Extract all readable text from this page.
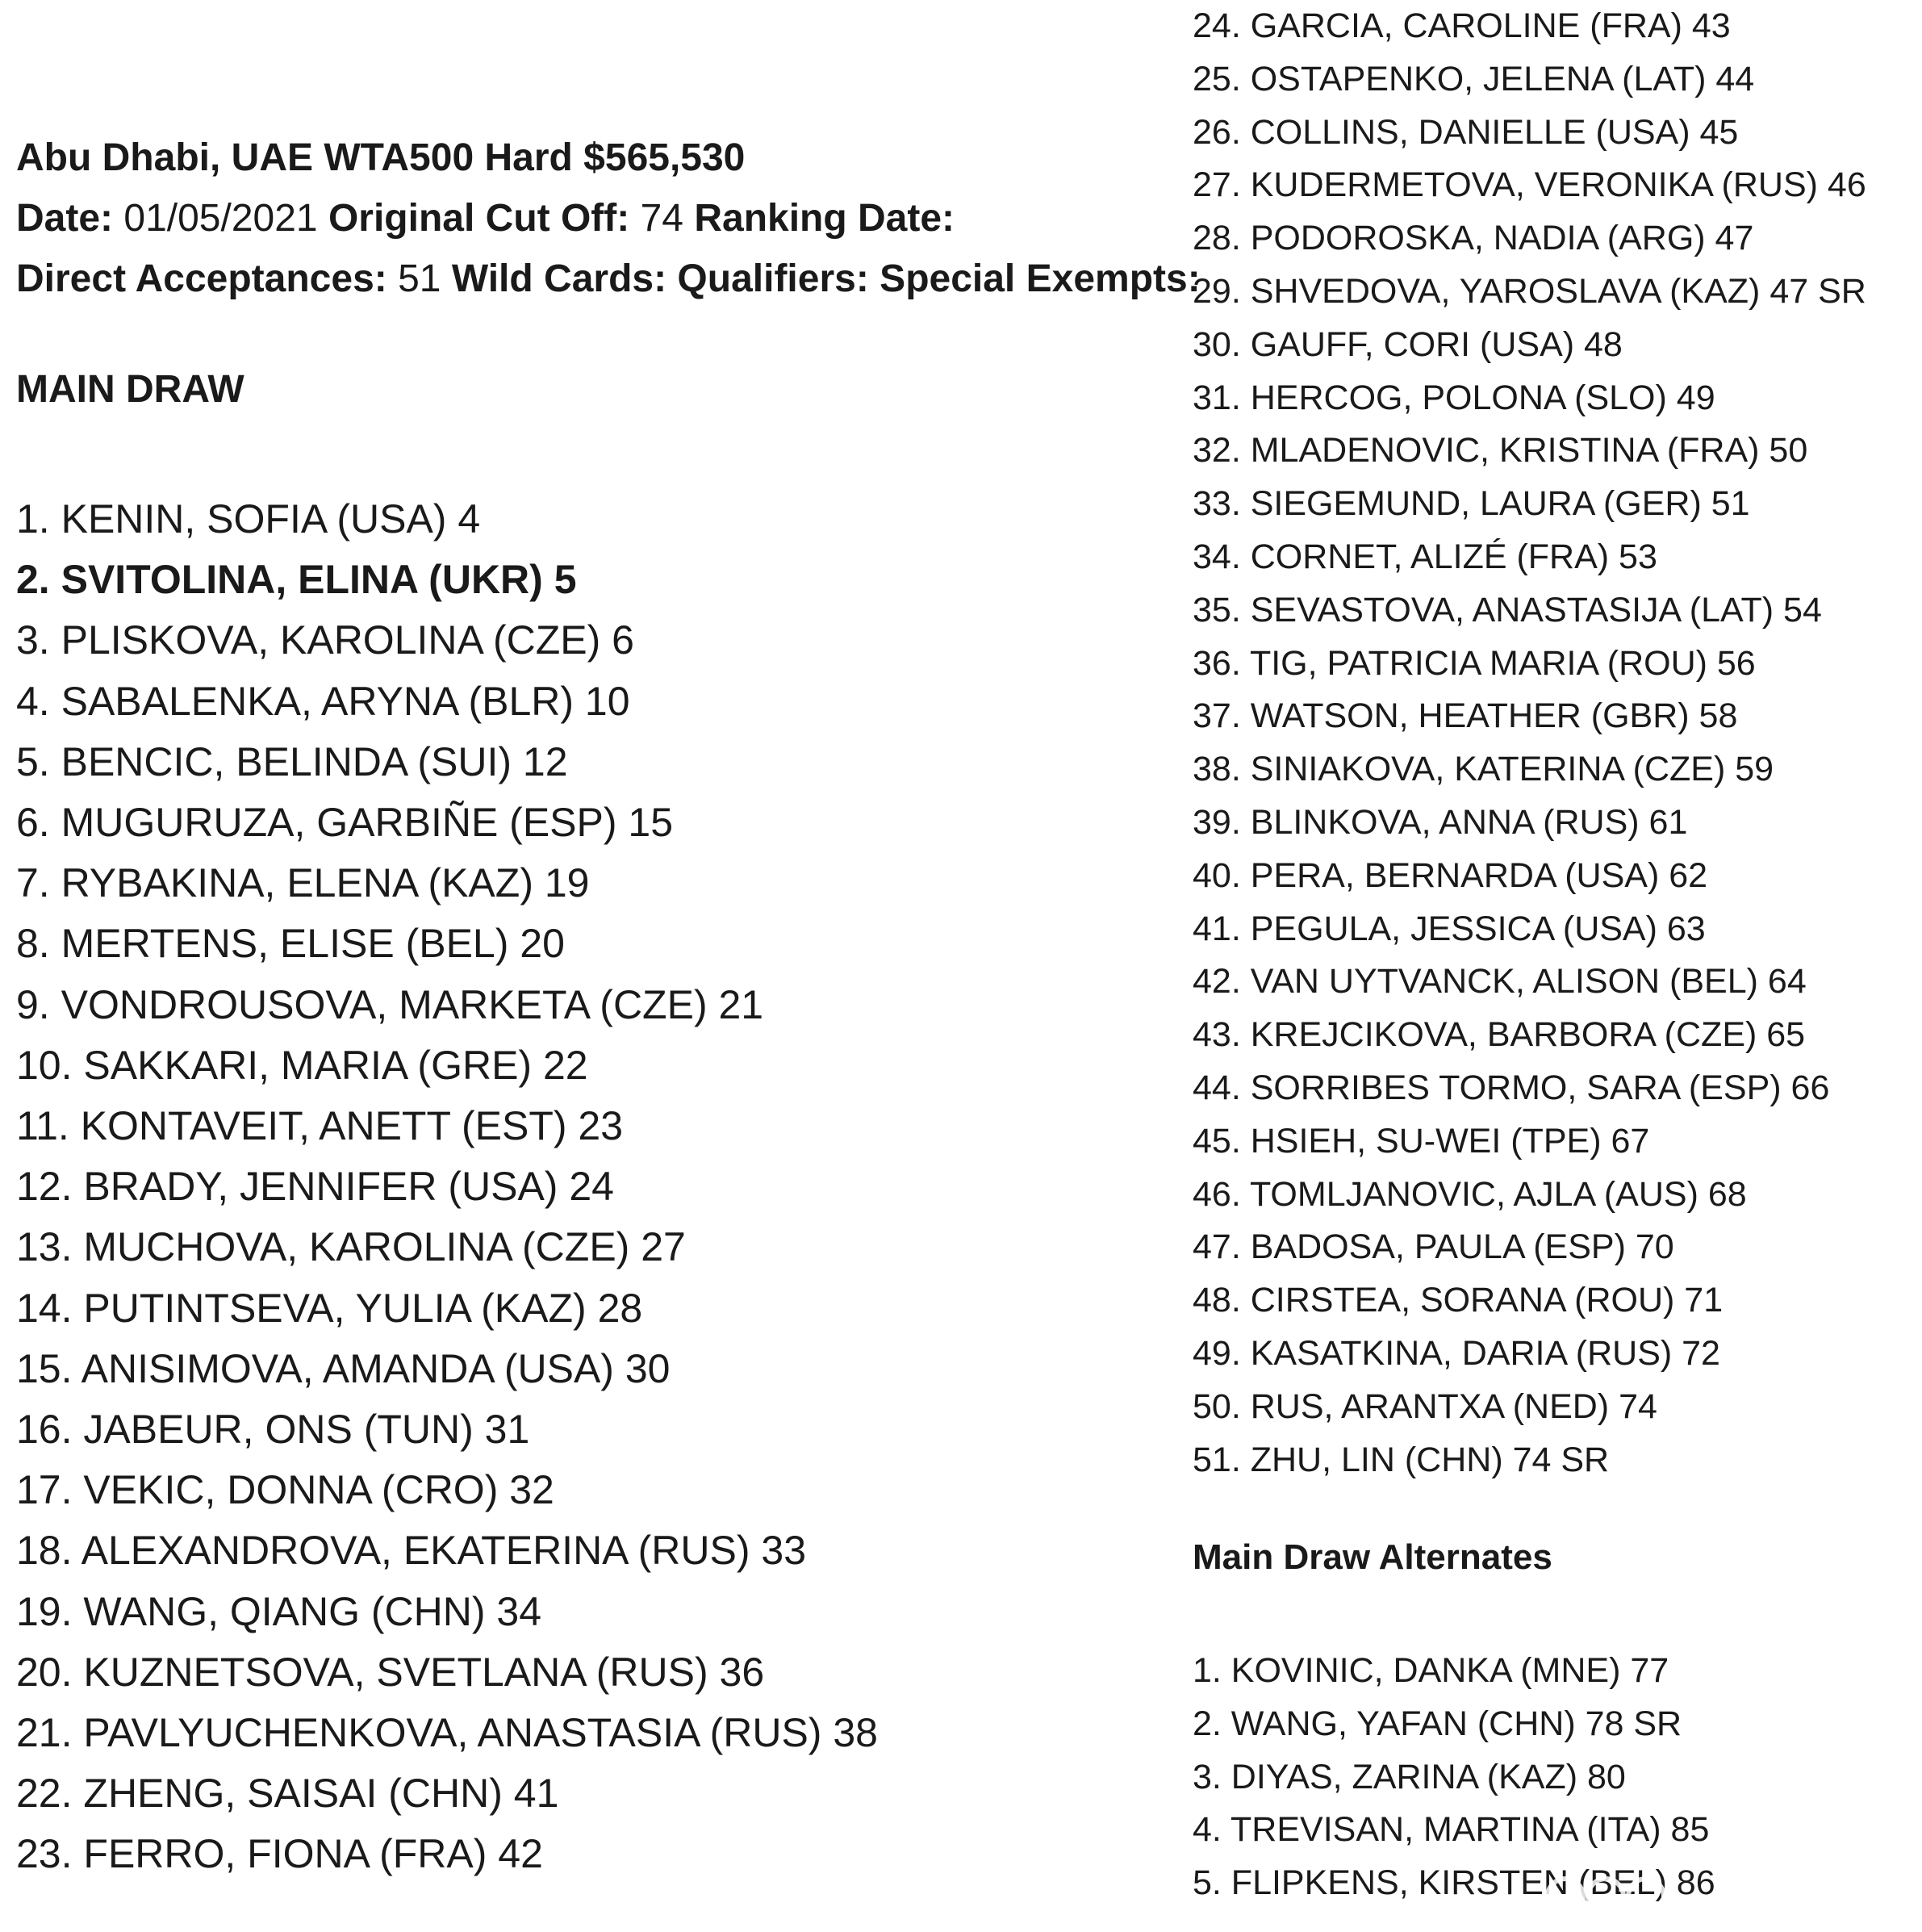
Abu Dhabi, UAE WTA500 Hard $565,530
Date: 01/05/2021 Original Cut Off: 74 Ranking Date:
Direct Acceptances: 51 Wild Cards: Qualifiers: Special Exempts:
MAIN DRAW
1. KENIN, SOFIA (USA) 4
2. SVITOLINA, ELINA (UKR) 5
3. PLISKOVA, KAROLINA (CZE) 6
4. SABALENKA, ARYNA (BLR) 10
5. BENCIC, BELINDA (SUI) 12
6. MUGURUZA, GARBIÑE (ESP) 15
7. RYBAKINA, ELENA (KAZ) 19
8. MERTENS, ELISE (BEL) 20
9. VONDROUSOVA, MARKETA (CZE) 21
10. SAKKARI, MARIA (GRE) 22
11. KONTAVEIT, ANETT (EST) 23
12. BRADY, JENNIFER (USA) 24
13. MUCHOVA, KAROLINA (CZE) 27
14. PUTINTSEVA, YULIA (KAZ) 28
15. ANISIMOVA, AMANDA (USA) 30
16. JABEUR, ONS (TUN) 31
17. VEKIC, DONNA (CRO) 32
18. ALEXANDROVA, EKATERINA (RUS) 33
19. WANG, QIANG (CHN) 34
20. KUZNETSOVA, SVETLANA (RUS) 36
21. PAVLYUCHENKOVA, ANASTASIA (RUS) 38
22. ZHENG, SAISAI (CHN) 41
23. FERRO, FIONA (FRA) 42
24. GARCIA, CAROLINE (FRA) 43
25. OSTAPENKO, JELENA (LAT) 44
26. COLLINS, DANIELLE (USA) 45
27. KUDERMETOVA, VERONIKA (RUS) 46
28. PODOROSKA, NADIA (ARG) 47
29. SHVEDOVA, YAROSLAVA (KAZ) 47 SR
30. GAUFF, CORI (USA) 48
31. HERCOG, POLONA (SLO) 49
32. MLADENOVIC, KRISTINA (FRA) 50
33. SIEGEMUND, LAURA (GER) 51
34. CORNET, ALIZÉ (FRA) 53
35. SEVASTOVA, ANASTASIJA (LAT) 54
36. TIG, PATRICIA MARIA (ROU) 56
37. WATSON, HEATHER (GBR) 58
38. SINIAKOVA, KATERINA (CZE) 59
39. BLINKOVA, ANNA (RUS) 61
40. PERA, BERNARDA (USA) 62
41. PEGULA, JESSICA (USA) 63
42. VAN UYTVANCK, ALISON (BEL) 64
43. KREJCIKOVA, BARBORA (CZE) 65
44. SORRIBES TORMO, SARA (ESP) 66
45. HSIEH, SU-WEI (TPE) 67
46. TOMLJANOVIC, AJLA (AUS) 68
47. BADOSA, PAULA (ESP) 70
48. CIRSTEA, SORANA (ROU) 71
49. KASATKINA, DARIA (RUS) 72
50. RUS, ARANTXA (NED) 74
51. ZHU, LIN (CHN) 74 SR
Main Draw Alternates
1. KOVINIC, DANKA (MNE) 77
2. WANG, YAFAN (CHN) 78 SR
3. DIYAS, ZARINA (KAZ) 80
4. TREVISAN, MARTINA (ITA) 85
5. FLIPKENS, KIRSTEN (BEL) 86
